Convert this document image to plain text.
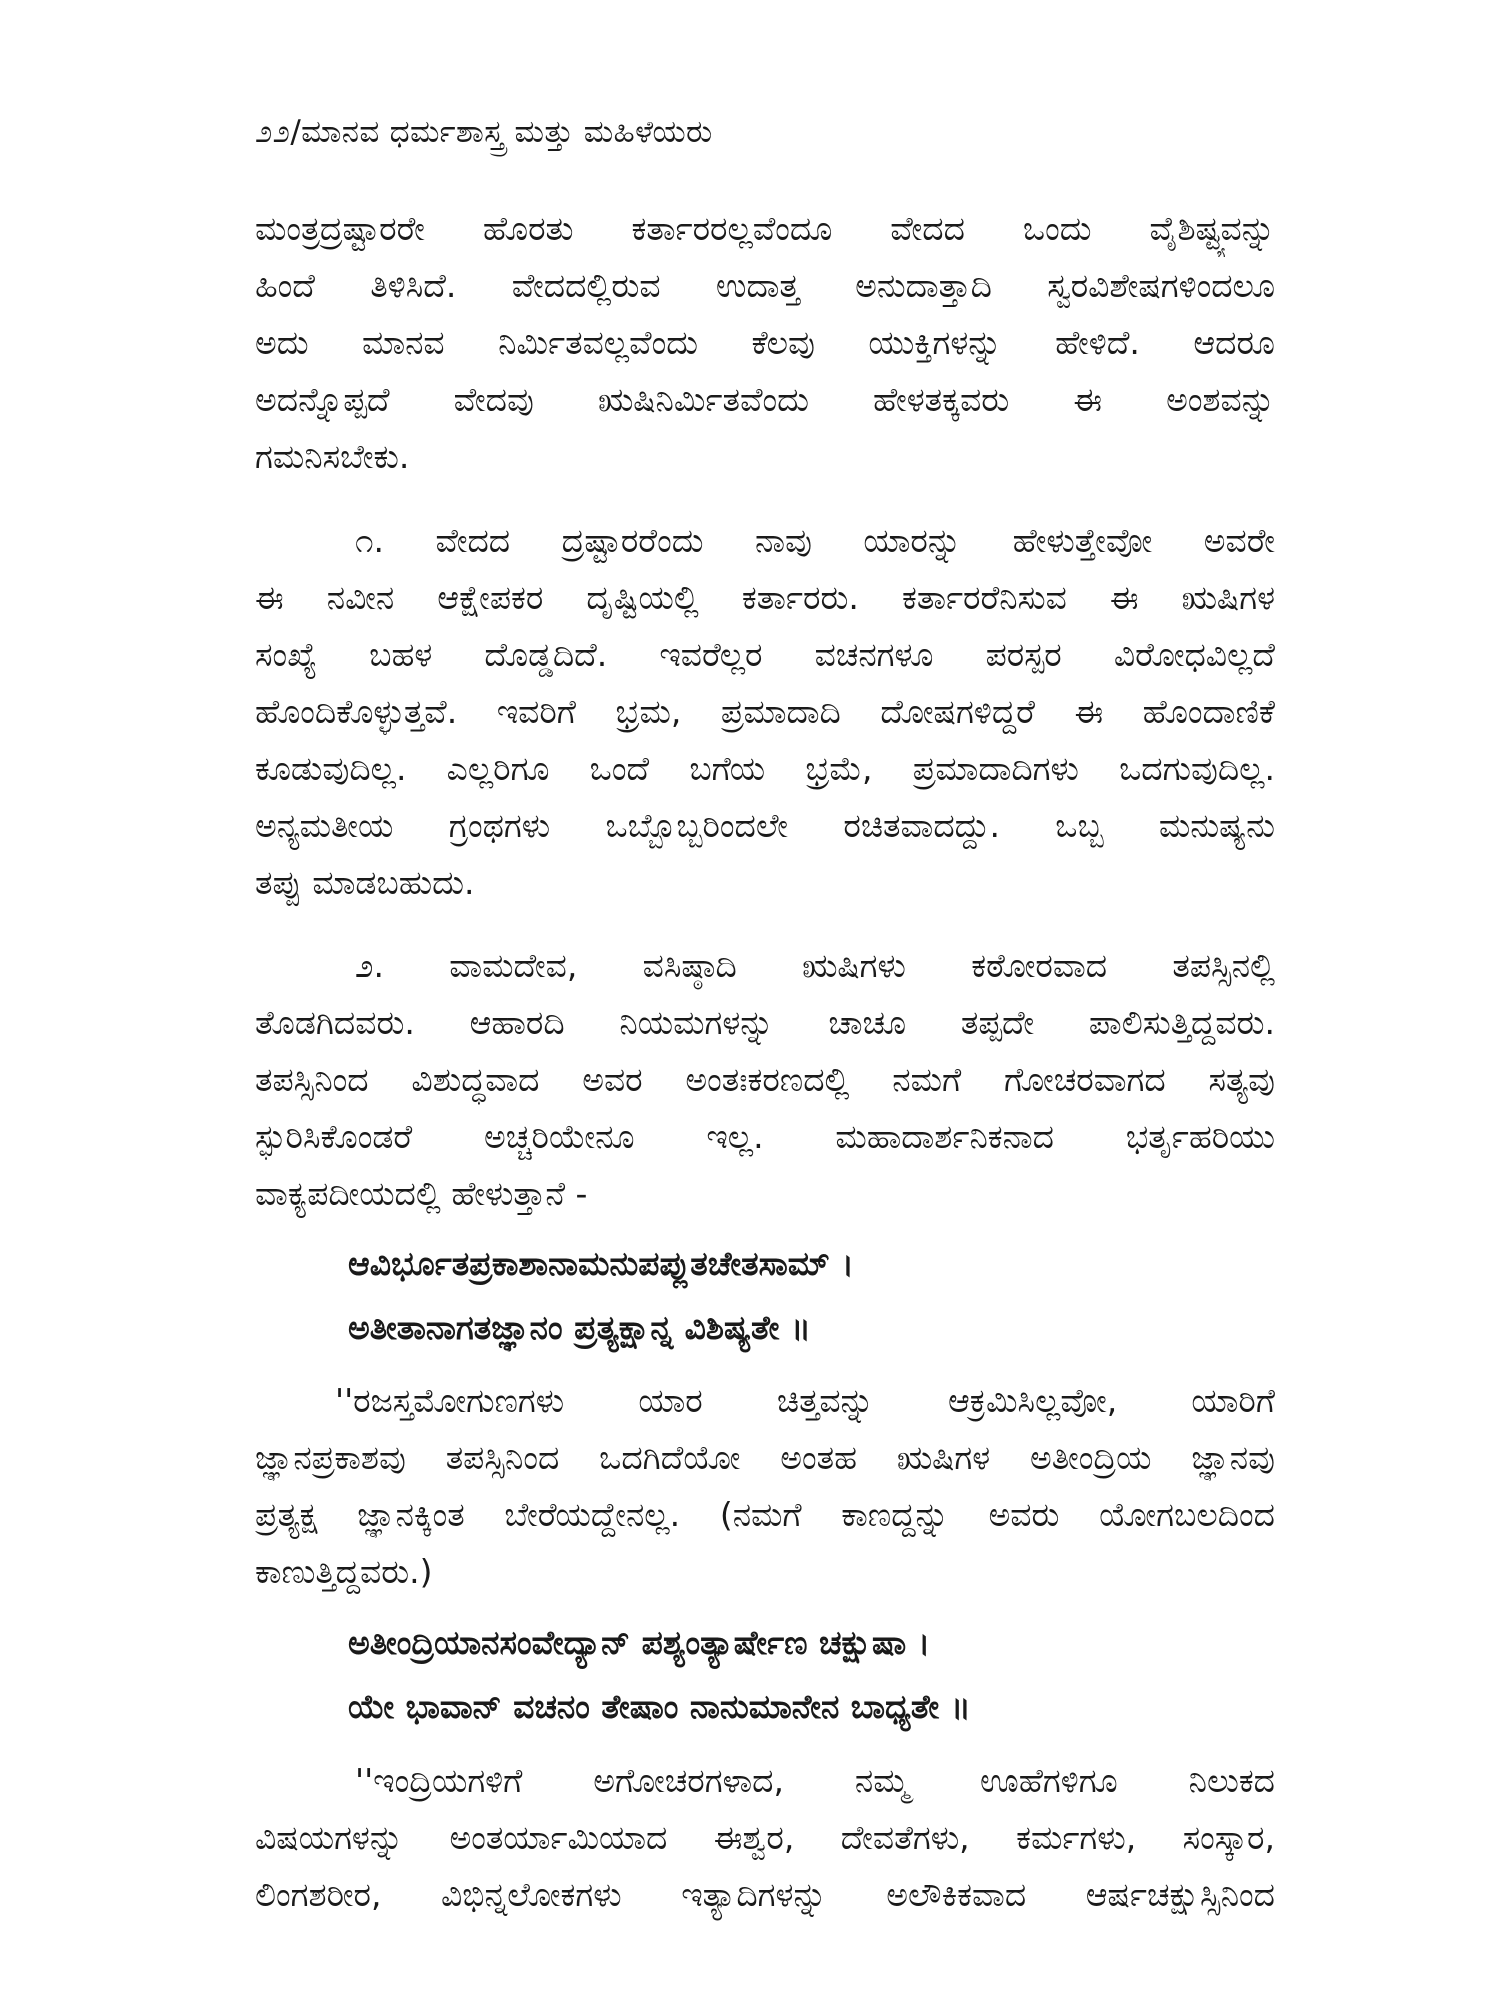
೨೨/ಮಾನವ ಧರ್ಮಶಾಸ್ತ್ರ ಮತ್ತು ಮಹಿಳೆಯರು
ಮಂತ್ರದ್ರಷ್ಟಾರರೇ ಹೊರತು ಕರ್ತಾರರಲ್ಲವೆಂದೂ ವೇದದ ಒಂದು ವೈಶಿಷ್ಟ್ಯವನ್ನು
ಹಿಂದೆ ತಿಳಿಸಿದೆ. ವೇದದಲ್ಲಿರುವ ಉದಾತ್ತ ಅನುದಾತ್ತಾದಿ ಸ್ವರವಿಶೇಷಗಳಿಂದಲೂ
ಅದು ಮಾನವ ನಿರ್ಮಿತವಲ್ಲವೆಂದು ಕೆಲವು ಯುಕ್ತಿಗಳನ್ನು ಹೇಳಿದೆ. ಆದರೂ
ಅದನ್ನೊಪ್ಪದೆ ವೇದವು ಋಷಿನಿರ್ಮಿತವೆಂದು ಹೇಳತಕ್ಕವರು ಈ ಅಂಶವನ್ನು
ಗಮನಿಸಬೇಕು.
೧. ವೇದದ ದ್ರಷ್ಟಾರರೆಂದು ನಾವು ಯಾರನ್ನು ಹೇಳುತ್ತೇವೋ ಅವರೇ
ಈ ನವೀನ ಆಕ್ಷೇಪಕರ ದೃಷ್ಟಿಯಲ್ಲಿ ಕರ್ತಾರರು. ಕರ್ತಾರರೆನಿಸುವ ಈ ಋಷಿಗಳ
ಸಂಖ್ಯೆ ಬಹಳ ದೊಡ್ಡದಿದೆ. ಇವರೆಲ್ಲರ ವಚನಗಳೂ ಪರಸ್ಪರ ವಿರೋಧವಿಲ್ಲದೆ
ಹೊಂದಿಕೊಳ್ಳುತ್ತವೆ. ಇವರಿಗೆ ಭ್ರಮ, ಪ್ರಮಾದಾದಿ ದೋಷಗಳಿದ್ದರೆ ಈ ಹೊಂದಾಣಿಕೆ
ಕೂಡುವುದಿಲ್ಲ. ಎಲ್ಲರಿಗೂ ಒಂದೆ ಬಗೆಯ ಭ್ರಮೆ, ಪ್ರಮಾದಾದಿಗಳು ಒದಗುವುದಿಲ್ಲ.
ಅನ್ಯಮತೀಯ ಗ್ರಂಥಗಳು ಒಬ್ಬೊಬ್ಬರಿಂದಲೇ ರಚಿತವಾದದ್ದು. ಒಬ್ಬ ಮನುಷ್ಯನು
ತಪ್ಪು ಮಾಡಬಹುದು.
೨. ವಾಮದೇವ, ವಸಿಷ್ಠಾದಿ ಋಷಿಗಳು ಕಠೋರವಾದ ತಪಸ್ಸಿನಲ್ಲಿ
ತೊಡಗಿದವರು. ಆಹಾರದಿ ನಿಯಮಗಳನ್ನು ಚಾಚೂ ತಪ್ಪದೇ ಪಾಲಿಸುತ್ತಿದ್ದವರು.
ತಪಸ್ಸಿನಿಂದ ವಿಶುದ್ಧವಾದ ಅವರ ಅಂತಃಕರಣದಲ್ಲಿ ನಮಗೆ ಗೋಚರವಾಗದ ಸತ್ಯವು
ಸ್ಫುರಿಸಿಕೊಂಡರೆ ಅಚ್ಚರಿಯೇನೂ ಇಲ್ಲ. ಮಹಾದಾರ್ಶನಿಕನಾದ ಭರ್ತೃಹರಿಯು
ವಾಕ್ಯಪದೀಯದಲ್ಲಿ ಹೇಳುತ್ತಾನೆ -
ಆವಿರ್ಭೂತಪ್ರಕಾಶಾನಾಮನುಪಪ್ಲುತಚೇತಸಾಮ್ ।
ಅತೀತಾನಾಗತಜ್ಞಾನಂ ಪ್ರತ್ಯಕ್ಷಾನ್ನ ವಿಶಿಷ್ಯತೇ ॥
''ರಜಸ್ತಮೋಗುಣಗಳು ಯಾರ ಚಿತ್ತವನ್ನು ಆಕ್ರಮಿಸಿಲ್ಲವೋ, ಯಾರಿಗೆ
ಜ್ಞಾನಪ್ರಕಾಶವು ತಪಸ್ಸಿನಿಂದ ಒದಗಿದೆಯೋ ಅಂತಹ ಋಷಿಗಳ ಅತೀಂದ್ರಿಯ ಜ್ಞಾನವು
ಪ್ರತ್ಯಕ್ಷ ಜ್ಞಾನಕ್ಕಿಂತ ಬೇರೆಯದ್ದೇನಲ್ಲ. (ನಮಗೆ ಕಾಣದ್ದನ್ನು ಅವರು ಯೋಗಬಲದಿಂದ
ಕಾಣುತ್ತಿದ್ದವರು.)
ಅತೀಂದ್ರಿಯಾನಸಂವೇದ್ಯಾನ್ ಪಶ್ಯಂತ್ಯಾರ್ಷೇಣ ಚಕ್ಷುಷಾ ।
ಯೇ ಭಾವಾನ್ ವಚನಂ ತೇಷಾಂ ನಾನುಮಾನೇನ ಬಾಧ್ಯತೇ ॥
''ಇಂದ್ರಿಯಗಳಿಗೆ ಅಗೋಚರಗಳಾದ, ನಮ್ಮ ಊಹೆಗಳಿಗೂ ನಿಲುಕದ
ವಿಷಯಗಳನ್ನು ಅಂತರ್ಯಾಮಿಯಾದ ಈಶ್ವರ, ದೇವತೆಗಳು, ಕರ್ಮಗಳು, ಸಂಸ್ಕಾರ,
ಲಿಂಗಶರೀರ, ವಿಭಿನ್ನಲೋಕಗಳು ಇತ್ಯಾದಿಗಳನ್ನು ಅಲೌಕಿಕವಾದ ಆರ್ಷಚಕ್ಷುಸ್ಸಿನಿಂದ
